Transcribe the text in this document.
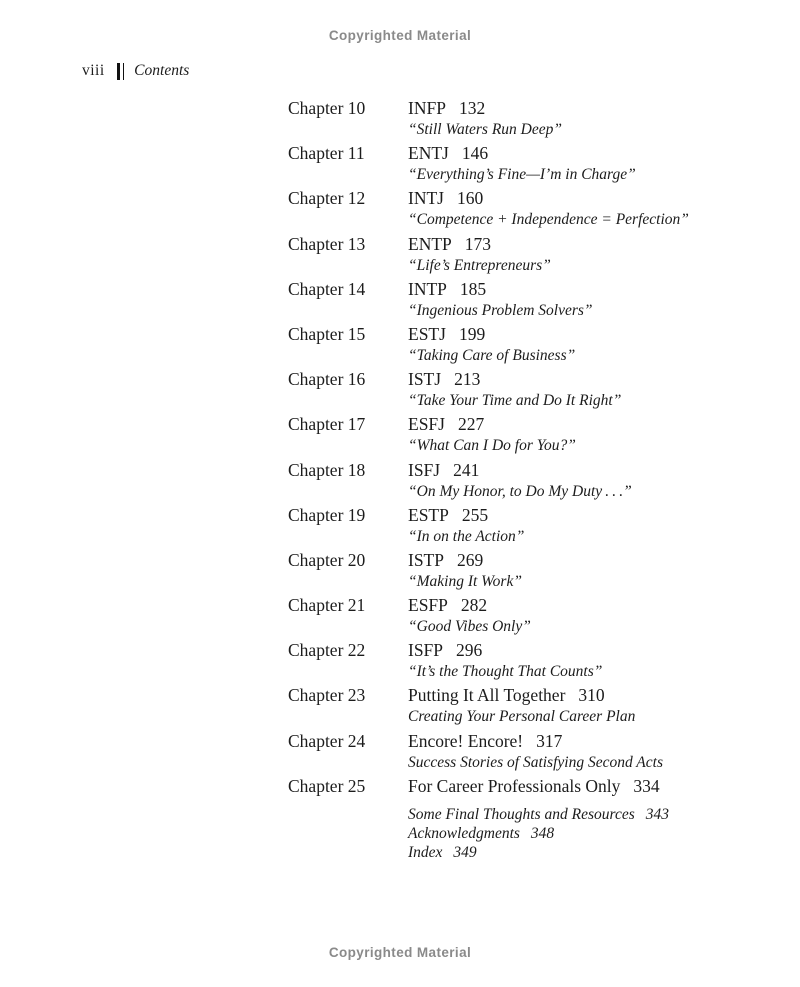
Copyrighted Material
viii Contents
Chapter 10	INFP 132
“Still Waters Run Deep”
Chapter 11	ENTJ 146
“Everything’s Fine—I’m in Charge”
Chapter 12	INTJ 160
“Competence + Independence = Perfection”
Chapter 13	ENTP 173
“Life’s Entrepreneurs”
Chapter 14	INTP 185
“Ingenious Problem Solvers”
Chapter 15	ESTJ 199
“Taking Care of Business”
Chapter 16	ISTJ 213
“Take Your Time and Do It Right”
Chapter 17	ESFJ 227
“What Can I Do for You?”
Chapter 18	ISFJ 241
“On My Honor, to Do My Duty . . .”
Chapter 19	ESTP 255
“In on the Action”
Chapter 20	ISTP 269
“Making It Work”
Chapter 21	ESFP 282
“Good Vibes Only”
Chapter 22	ISFP 296
“It’s the Thought That Counts”
Chapter 23	Putting It All Together 310
Creating Your Personal Career Plan
Chapter 24	Encore! Encore! 317
Success Stories of Satisfying Second Acts
Chapter 25	For Career Professionals Only 334
Some Final Thoughts and Resources 343
Acknowledgments 348
Index 349
Copyrighted Material
